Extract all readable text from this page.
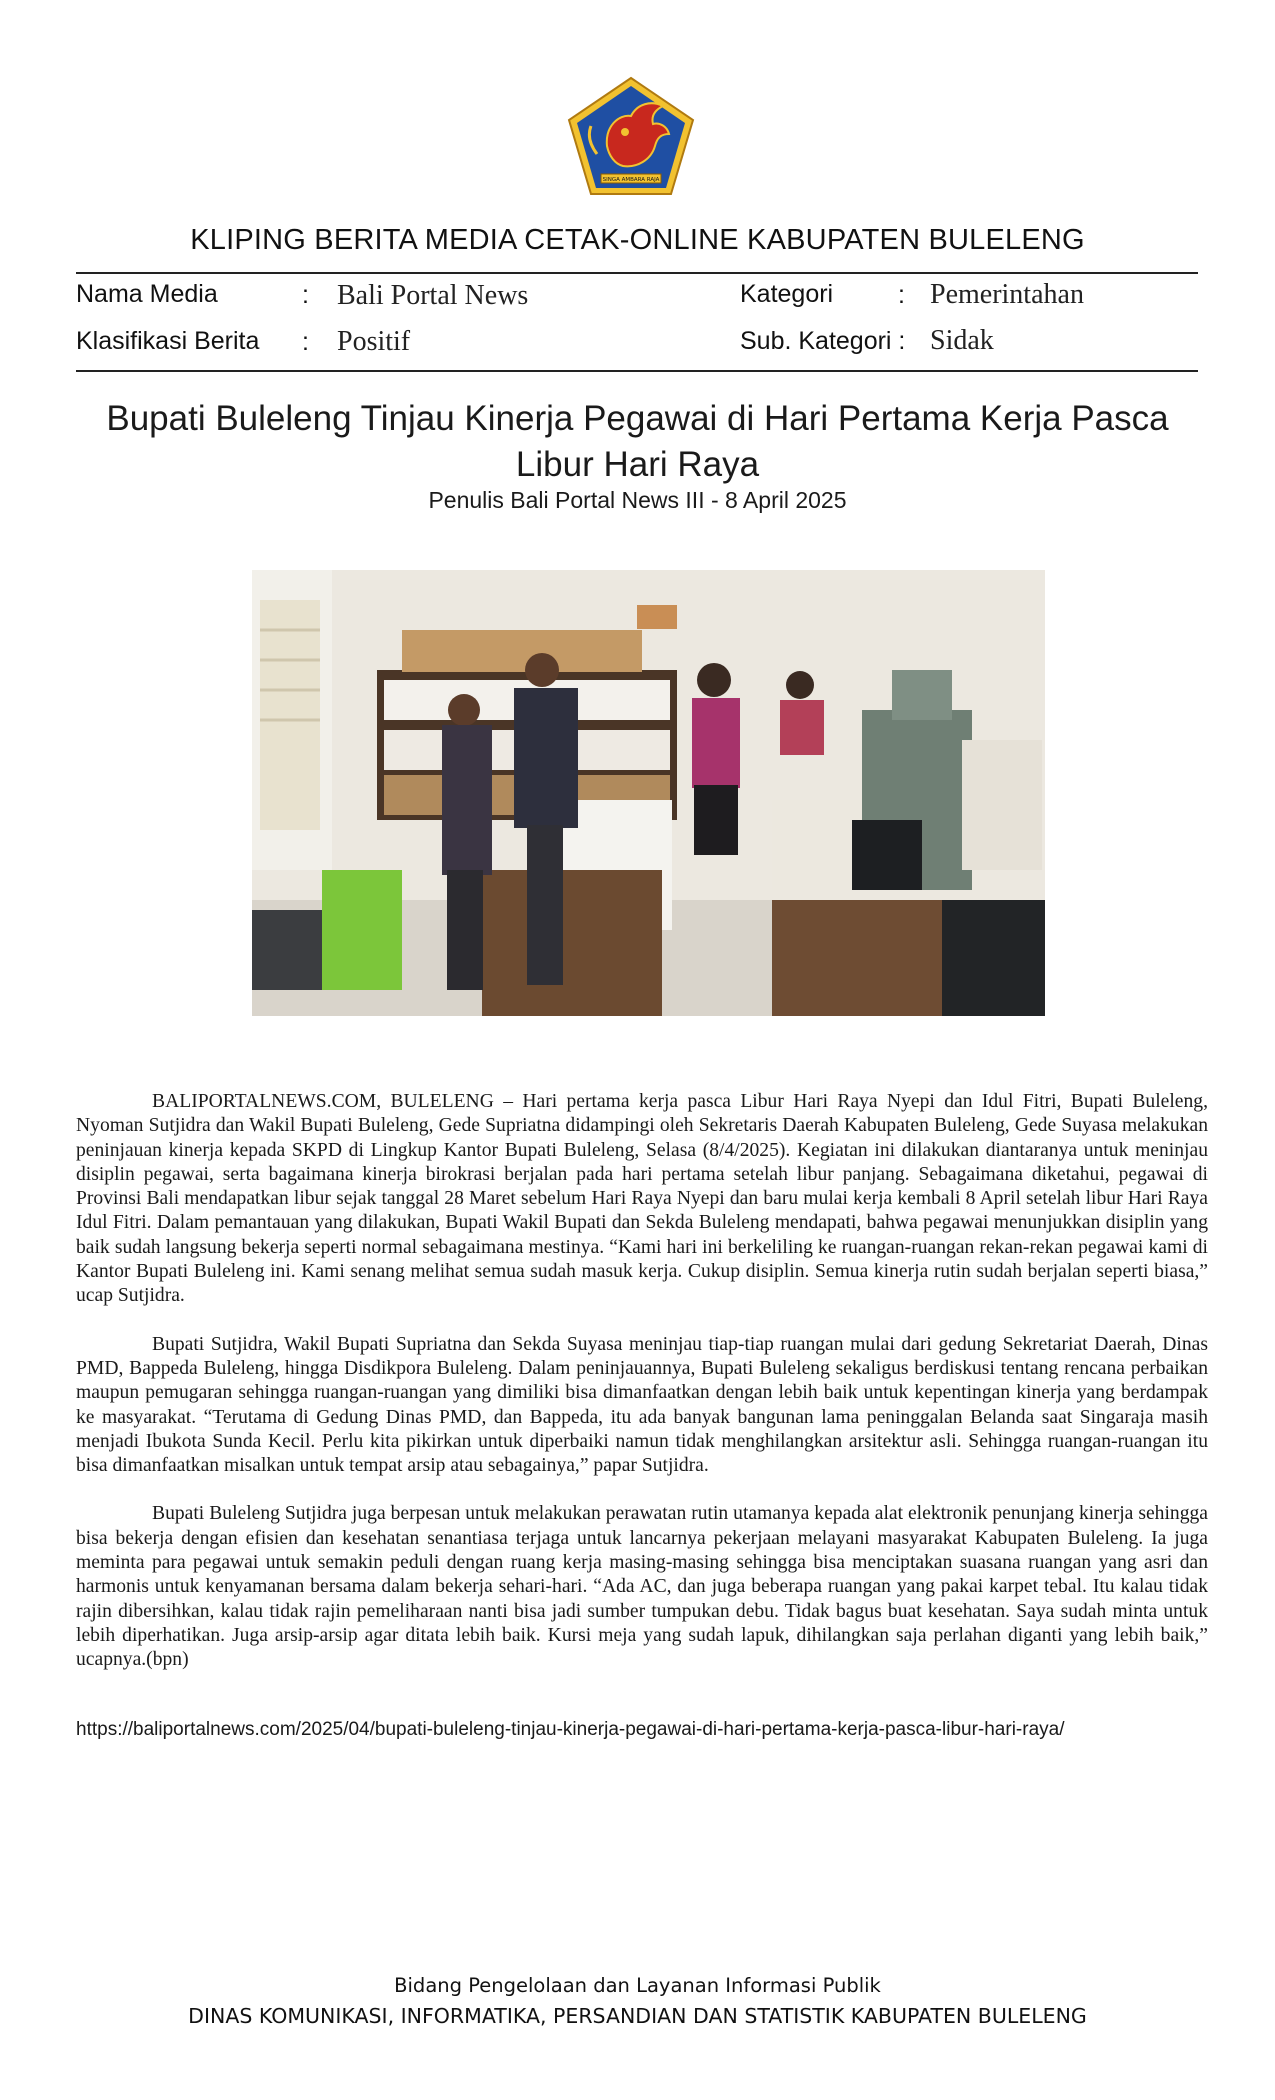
SINGA AMBARA RAJA
KLIPING BERITA MEDIA CETAK-ONLINE KABUPATEN BULELENG
Nama Media	: Bali Portal News	Kategori	: Pemerintahan
Klasifikasi Berita : Positif	Sub. Kategori : Sidak
Bupati Buleleng Tinjau Kinerja Pegawai di Hari Pertama Kerja Pasca Libur Hari Raya
Penulis Bali Portal News III - 8 April 2025

BALIPORTALNEWS.COM, BULELENG – Hari pertama kerja pasca Libur Hari Raya Nyepi dan Idul Fitri, Bupati Buleleng, Nyoman Sutjidra dan Wakil Bupati Buleleng, Gede Supriatna didampingi oleh Sekretaris Daerah Kabupaten Buleleng, Gede Suyasa melakukan peninjauan kinerja kepada SKPD di Lingkup Kantor Bupati Buleleng, Selasa (8/4/2025). Kegiatan ini dilakukan diantaranya untuk meninjau disiplin pegawai, serta bagaimana kinerja birokrasi berjalan pada hari pertama setelah libur panjang. Sebagaimana diketahui, pegawai di Provinsi Bali mendapatkan libur sejak tanggal 28 Maret sebelum Hari Raya Nyepi dan baru mulai kerja kembali 8 April setelah libur Hari Raya Idul Fitri. Dalam pemantauan yang dilakukan, Bupati Wakil Bupati dan Sekda Buleleng mendapati, bahwa pegawai menunjukkan disiplin yang baik sudah langsung bekerja seperti normal sebagaimana mestinya. “Kami hari ini berkeliling ke ruangan-ruangan rekan-rekan pegawai kami di Kantor Bupati Buleleng ini. Kami senang melihat semua sudah masuk kerja. Cukup disiplin. Semua kinerja rutin sudah berjalan seperti biasa,” ucap Sutjidra.

Bupati Sutjidra, Wakil Bupati Supriatna dan Sekda Suyasa meninjau tiap-tiap ruangan mulai dari gedung Sekretariat Daerah, Dinas PMD, Bappeda Buleleng, hingga Disdikpora Buleleng. Dalam peninjauannya, Bupati Buleleng sekaligus berdiskusi tentang rencana perbaikan maupun pemugaran sehingga ruangan-ruangan yang dimiliki bisa dimanfaatkan dengan lebih baik untuk kepentingan kinerja yang berdampak ke masyarakat. “Terutama di Gedung Dinas PMD, dan Bappeda, itu ada banyak bangunan lama peninggalan Belanda saat Singaraja masih menjadi Ibukota Sunda Kecil. Perlu kita pikirkan untuk diperbaiki namun tidak menghilangkan arsitektur asli. Sehingga ruangan-ruangan itu bisa dimanfaatkan misalkan untuk tempat arsip atau sebagainya,” papar Sutjidra.

Bupati Buleleng Sutjidra juga berpesan untuk melakukan perawatan rutin utamanya kepada alat elektronik penunjang kinerja sehingga bisa bekerja dengan efisien dan kesehatan senantiasa terjaga untuk lancarnya pekerjaan melayani masyarakat Kabupaten Buleleng. Ia juga meminta para pegawai untuk semakin peduli dengan ruang kerja masing-masing sehingga bisa menciptakan suasana ruangan yang asri dan harmonis untuk kenyamanan bersama dalam bekerja sehari-hari. “Ada AC, dan juga beberapa ruangan yang pakai karpet tebal. Itu kalau tidak rajin dibersihkan, kalau tidak rajin pemeliharaan nanti bisa jadi sumber tumpukan debu. Tidak bagus buat kesehatan. Saya sudah minta untuk lebih diperhatikan. Juga arsip-arsip agar ditata lebih baik. Kursi meja yang sudah lapuk, dihilangkan saja perlahan diganti yang lebih baik,” ucapnya.(bpn)

https://baliportalnews.com/2025/04/bupati-buleleng-tinjau-kinerja-pegawai-di-hari-pertama-kerja-pasca-libur-hari-raya/
Bidang Pengelolaan dan Layanan Informasi Publik
DINAS KOMUNIKASI, INFORMATIKA, PERSANDIAN DAN STATISTIK KABUPATEN BULELENG
